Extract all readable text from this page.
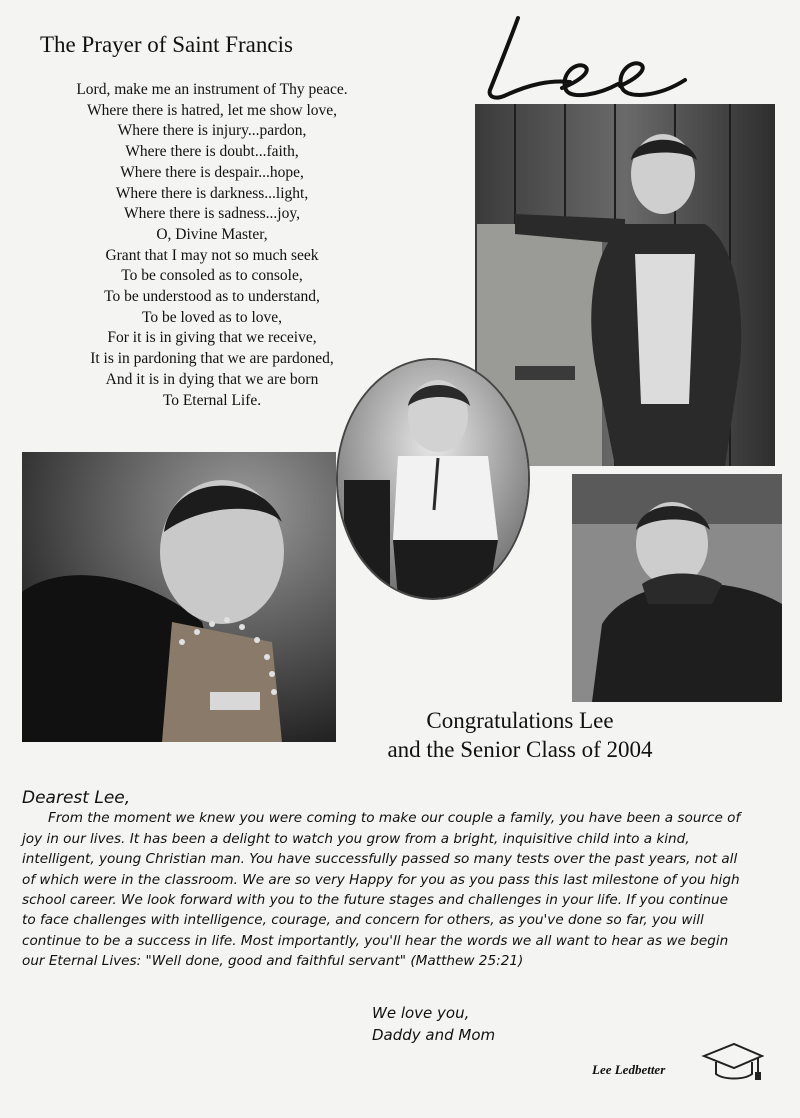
The Prayer of Saint Francis
Lord, make me an instrument of Thy peace.
Where there is hatred, let me show love,
Where there is injury...pardon,
Where there is doubt...faith,
Where there is despair...hope,
Where there is darkness...light,
Where there is sadness...joy,
O, Divine Master,
Grant that I may not so much seek
To be consoled as to console,
To be understood as to understand,
To be loved as to love,
For it is in giving that we receive,
It is in pardoning that we are pardoned,
And it is in dying that we are born
To Eternal Life.
Congratulations Lee
and the Senior Class of 2004
Dearest Lee,
From the moment we knew you were coming to make our couple a family, you have been a source of joy in our lives. It has been a delight to watch you grow from a bright, inquisitive child into a kind, intelligent, young Christian man. You have successfully passed so many tests over the past years, not all of which were in the classroom. We are so very Happy for you as you pass this last milestone of you high school career. We look forward with you to the future stages and challenges in your life. If you continue to face challenges with intelligence, courage, and concern for others, as you've done so far, you will continue to be a success in life. Most importantly, you'll hear the words we all want to hear as we begin our Eternal Lives: "Well done, good and faithful servant" (Matthew 25:21)
We love you,
Daddy and Mom
Lee Ledbetter
